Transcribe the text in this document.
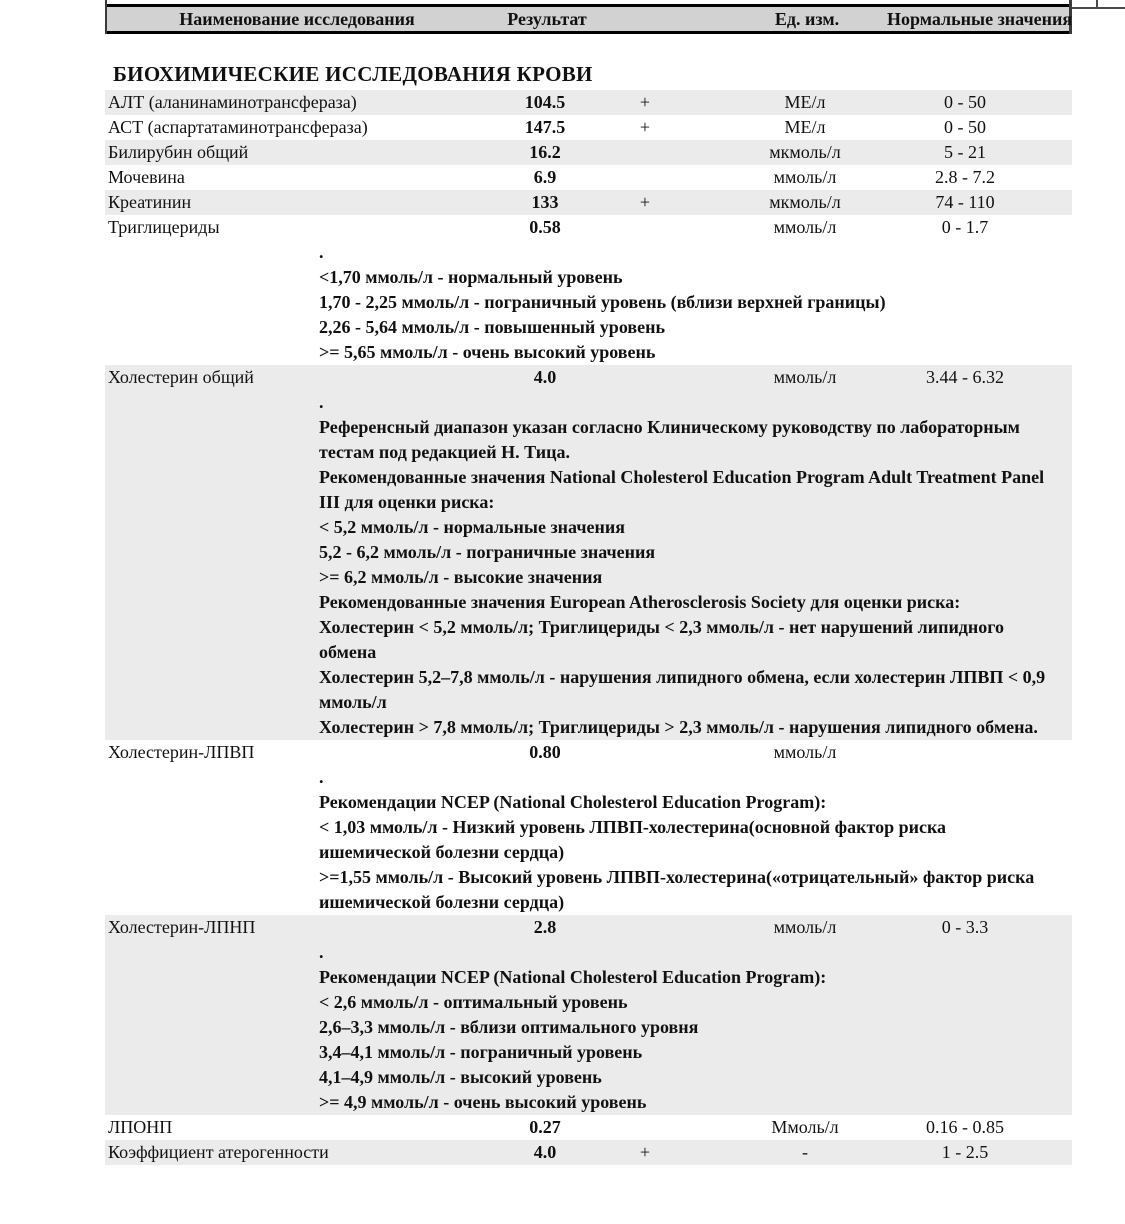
Наименование исследования	Результат	Ед. изм.	Нормальные значения
БИОХИМИЧЕСКИЕ ИССЛЕДОВАНИЯ КРОВИ
АЛТ (аланинаминотрансфераза)	104.5	+	МЕ/л	0 - 50
АСТ (аспартатаминотрансфераза)	147.5	+	МЕ/л	0 - 50
Билирубин общий	16.2	мкмоль/л	5 - 21
Мочевина	6.9	ммоль/л	2.8 - 7.2
Креатинин	133	+	мкмоль/л	74 - 110
Триглицериды	0.58	ммоль/л	0 - 1.7
.
<1,70 ммоль/л - нормальный уровень
1,70 - 2,25 ммоль/л - пограничный уровень (вблизи верхней границы)
2,26 - 5,64 ммоль/л - повышенный уровень
>= 5,65 ммоль/л - очень высокий уровень
Холестерин общий	4.0	ммоль/л	3.44 - 6.32
.
Референсный диапазон указан согласно Клиническому руководству по лабораторным тестам под редакцией Н. Тица.
Рекомендованные значения National Cholesterol Education Program Adult Treatment Panel III для оценки риска:
< 5,2 ммоль/л - нормальные значения
5,2 - 6,2 ммоль/л - пограничные значения
>= 6,2 ммоль/л - высокие значения
Рекомендованные значения European Atherosclerosis Society для оценки риска:
Холестерин < 5,2 ммоль/л; Триглицериды < 2,3 ммоль/л - нет нарушений липидного обмена
Холестерин 5,2–7,8 ммоль/л - нарушения липидного обмена, если холестерин ЛПВП < 0,9 ммоль/л
Холестерин > 7,8 ммоль/л; Триглицериды > 2,3 ммоль/л - нарушения липидного обмена.
Холестерин-ЛПВП	0.80	ммоль/л
.
Рекомендации NCEP (National Cholesterol Education Program):
< 1,03 ммоль/л - Низкий уровень ЛПВП-холестерина(основной фактор риска ишемической болезни сердца)
>=1,55 ммоль/л - Высокий уровень ЛПВП-холестерина(«отрицательный» фактор риска ишемической болезни сердца)
Холестерин-ЛПНП	2.8	ммоль/л	0 - 3.3
.
Рекомендации NCEP (National Cholesterol Education Program):
< 2,6 ммоль/л - оптимальный уровень
2,6–3,3 ммоль/л - вблизи оптимального уровня
3,4–4,1 ммоль/л - пограничный уровень
4,1–4,9 ммоль/л - высокий уровень
>= 4,9 ммоль/л - очень высокий уровень
ЛПОНП	0.27	Ммоль/л	0.16 - 0.85
Коэффициент атерогенности	4.0	+	-	1 - 2.5
